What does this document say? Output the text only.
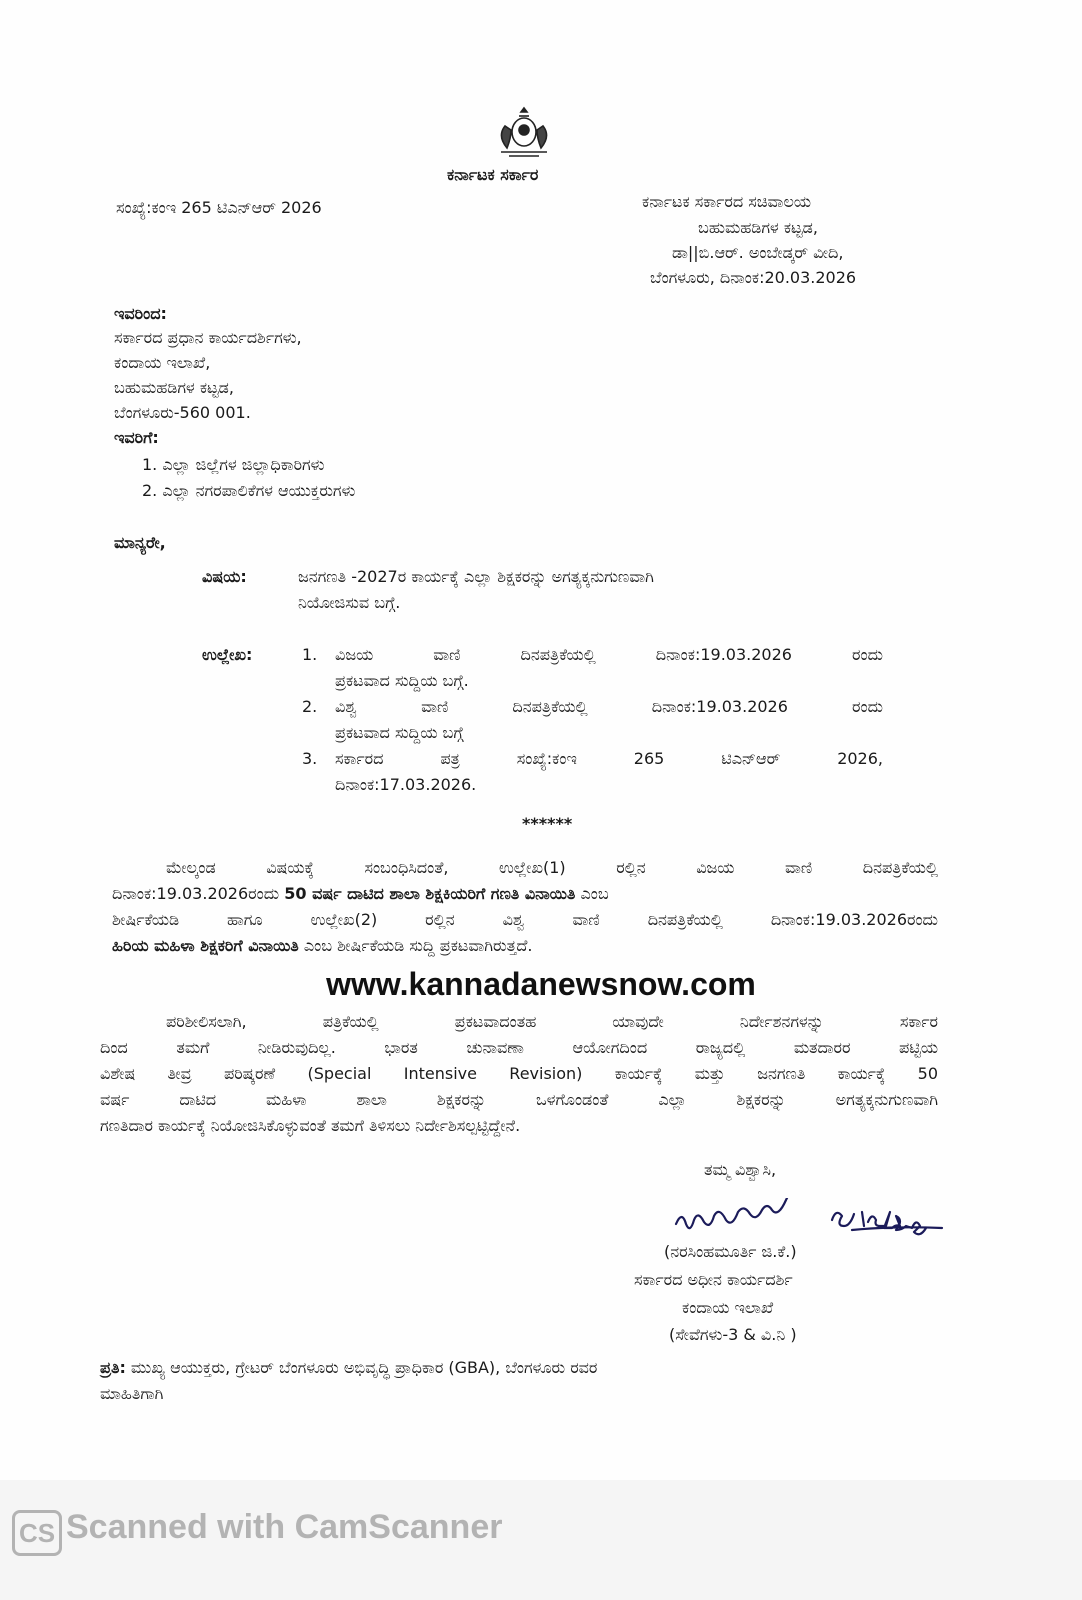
ಕರ್ನಾಟಕ ಸರ್ಕಾರ
ಸಂಖ್ಯೆ:ಕಂಇ 265 ಟಿಎನ್‌ಆರ್ 2026	ಕರ್ನಾಟಕ ಸರ್ಕಾರದ ಸಚಿವಾಲಯ
ಬಹುಮಹಡಿಗಳ ಕಟ್ಟಡ,
ಡಾ||ಬಿ.ಆರ್. ಅಂಬೇಡ್ಕರ್ ವೀದಿ,
ಬೆಂಗಳೂರು, ದಿನಾಂಕ:20.03.2026
ಇವರಿಂದ:
ಸರ್ಕಾರದ ಪ್ರಧಾನ ಕಾರ್ಯದರ್ಶಿಗಳು,
ಕಂದಾಯ ಇಲಾಖೆ,
ಬಹುಮಹಡಿಗಳ ಕಟ್ಟಡ,
ಬೆಂಗಳೂರು-560 001.
ಇವರಿಗೆ:
1. ಎಲ್ಲಾ ಜಿಲ್ಲೆಗಳ ಜಿಲ್ಲಾಧಿಕಾರಿಗಳು
2. ಎಲ್ಲಾ ನಗರಪಾಲಿಕೆಗಳ ಆಯುಕ್ತರುಗಳು
ಮಾನ್ಯರೇ,
ವಿಷಯ:	ಜನಗಣತಿ -2027ರ ಕಾರ್ಯಕ್ಕೆ ಎಲ್ಲಾ ಶಿಕ್ಷಕರನ್ನು ಅಗತ್ಯಕ್ಕನುಗುಣವಾಗಿ
ನಿಯೋಜಿಸುವ ಬಗ್ಗೆ.
ಉಲ್ಲೇಖ:	1. ವಿಜಯ ವಾಣಿ ದಿನಪತ್ರಿಕೆಯಲ್ಲಿ ದಿನಾಂಕ:19.03.2026 ರಂದು
ಪ್ರಕಟವಾದ ಸುದ್ದಿಯ ಬಗ್ಗೆ.
2. ವಿಶ್ವ ವಾಣಿ ದಿನಪತ್ರಿಕೆಯಲ್ಲಿ ದಿನಾಂಕ:19.03.2026 ರಂದು
ಪ್ರಕಟವಾದ ಸುದ್ದಿಯ ಬಗ್ಗೆ
3. ಸರ್ಕಾರದ ಪತ್ರ ಸಂಖ್ಯೆ:ಕಂಇ 265 ಟಿಎನ್‌ಆರ್ 2026,
ದಿನಾಂಕ:17.03.2026.
******
ಮೇಲ್ಕಂಡ ವಿಷಯಕ್ಕೆ ಸಂಬಂಧಿಸಿದಂತೆ, ಉಲ್ಲೇಖ(1) ರಲ್ಲಿನ ವಿಜಯ ವಾಣಿ ದಿನಪತ್ರಿಕೆಯಲ್ಲಿ
ದಿನಾಂಕ:19.03.2026ರಂದು 50 ವರ್ಷ ದಾಟಿದ ಶಾಲಾ ಶಿಕ್ಷಕಿಯರಿಗೆ ಗಣತಿ ವಿನಾಯಿತಿ ಎಂಬ
ಶೀರ್ಷಿಕೆಯಡಿ ಹಾಗೂ ಉಲ್ಲೇಖ(2) ರಲ್ಲಿನ ವಿಶ್ವ ವಾಣಿ ದಿನಪತ್ರಿಕೆಯಲ್ಲಿ ದಿನಾಂಕ:19.03.2026ರಂದು
ಹಿರಿಯ ಮಹಿಳಾ ಶಿಕ್ಷಕರಿಗೆ ವಿನಾಯಿತಿ ಎಂಬ ಶೀರ್ಷಿಕೆಯಡಿ ಸುದ್ದಿ ಪ್ರಕಟವಾಗಿರುತ್ತದೆ.
www.kannadanewsnow.com
ಪರಿಶೀಲಿಸಲಾಗಿ, ಪತ್ರಿಕೆಯಲ್ಲಿ ಪ್ರಕಟವಾದಂತಹ ಯಾವುದೇ ನಿರ್ದೇಶನಗಳನ್ನು ಸರ್ಕಾರ
ದಿಂದ ತಮಗೆ ನೀಡಿರುವುದಿಲ್ಲ. ಭಾರತ ಚುನಾವಣಾ ಆಯೋಗದಿಂದ ರಾಜ್ಯದಲ್ಲಿ ಮತದಾರರ ಪಟ್ಟಿಯ
ವಿಶೇಷ ತೀವ್ರ ಪರಿಷ್ಕರಣೆ (Special Intensive Revision) ಕಾರ್ಯಕ್ಕೆ ಮತ್ತು ಜನಗಣತಿ ಕಾರ್ಯಕ್ಕೆ 50
ವರ್ಷ ದಾಟಿದ ಮಹಿಳಾ ಶಾಲಾ ಶಿಕ್ಷಕರನ್ನು ಒಳಗೊಂಡಂತೆ ಎಲ್ಲಾ ಶಿಕ್ಷಕರನ್ನು ಅಗತ್ಯಕ್ಕನುಗುಣವಾಗಿ
ಗಣತಿದಾರ ಕಾರ್ಯಕ್ಕೆ ನಿಯೋಜಿಸಿಕೊಳ್ಳುವಂತೆ ತಮಗೆ ತಿಳಿಸಲು ನಿರ್ದೇಶಿಸಲ್ಪಟ್ಟಿದ್ದೇನೆ.
ತಮ್ಮ ವಿಶ್ವಾಸಿ,
(ನರಸಿಂಹಮೂರ್ತಿ ಜಿ.ಕೆ.)
ಸರ್ಕಾರದ ಅಧೀನ ಕಾರ್ಯದರ್ಶಿ
ಕಂದಾಯ ಇಲಾಖೆ
(ಸೇವೆಗಳು-3 & ವಿ.ನಿ )
ಪ್ರತಿ: ಮುಖ್ಯ ಆಯುಕ್ತರು, ಗ್ರೇಟರ್ ಬೆಂಗಳೂರು ಅಭಿವೃದ್ಧಿ ಪ್ರಾಧಿಕಾರ (GBA), ಬೆಂಗಳೂರು ರವರ
ಮಾಹಿತಿಗಾಗಿ
CS Scanned with CamScanner
